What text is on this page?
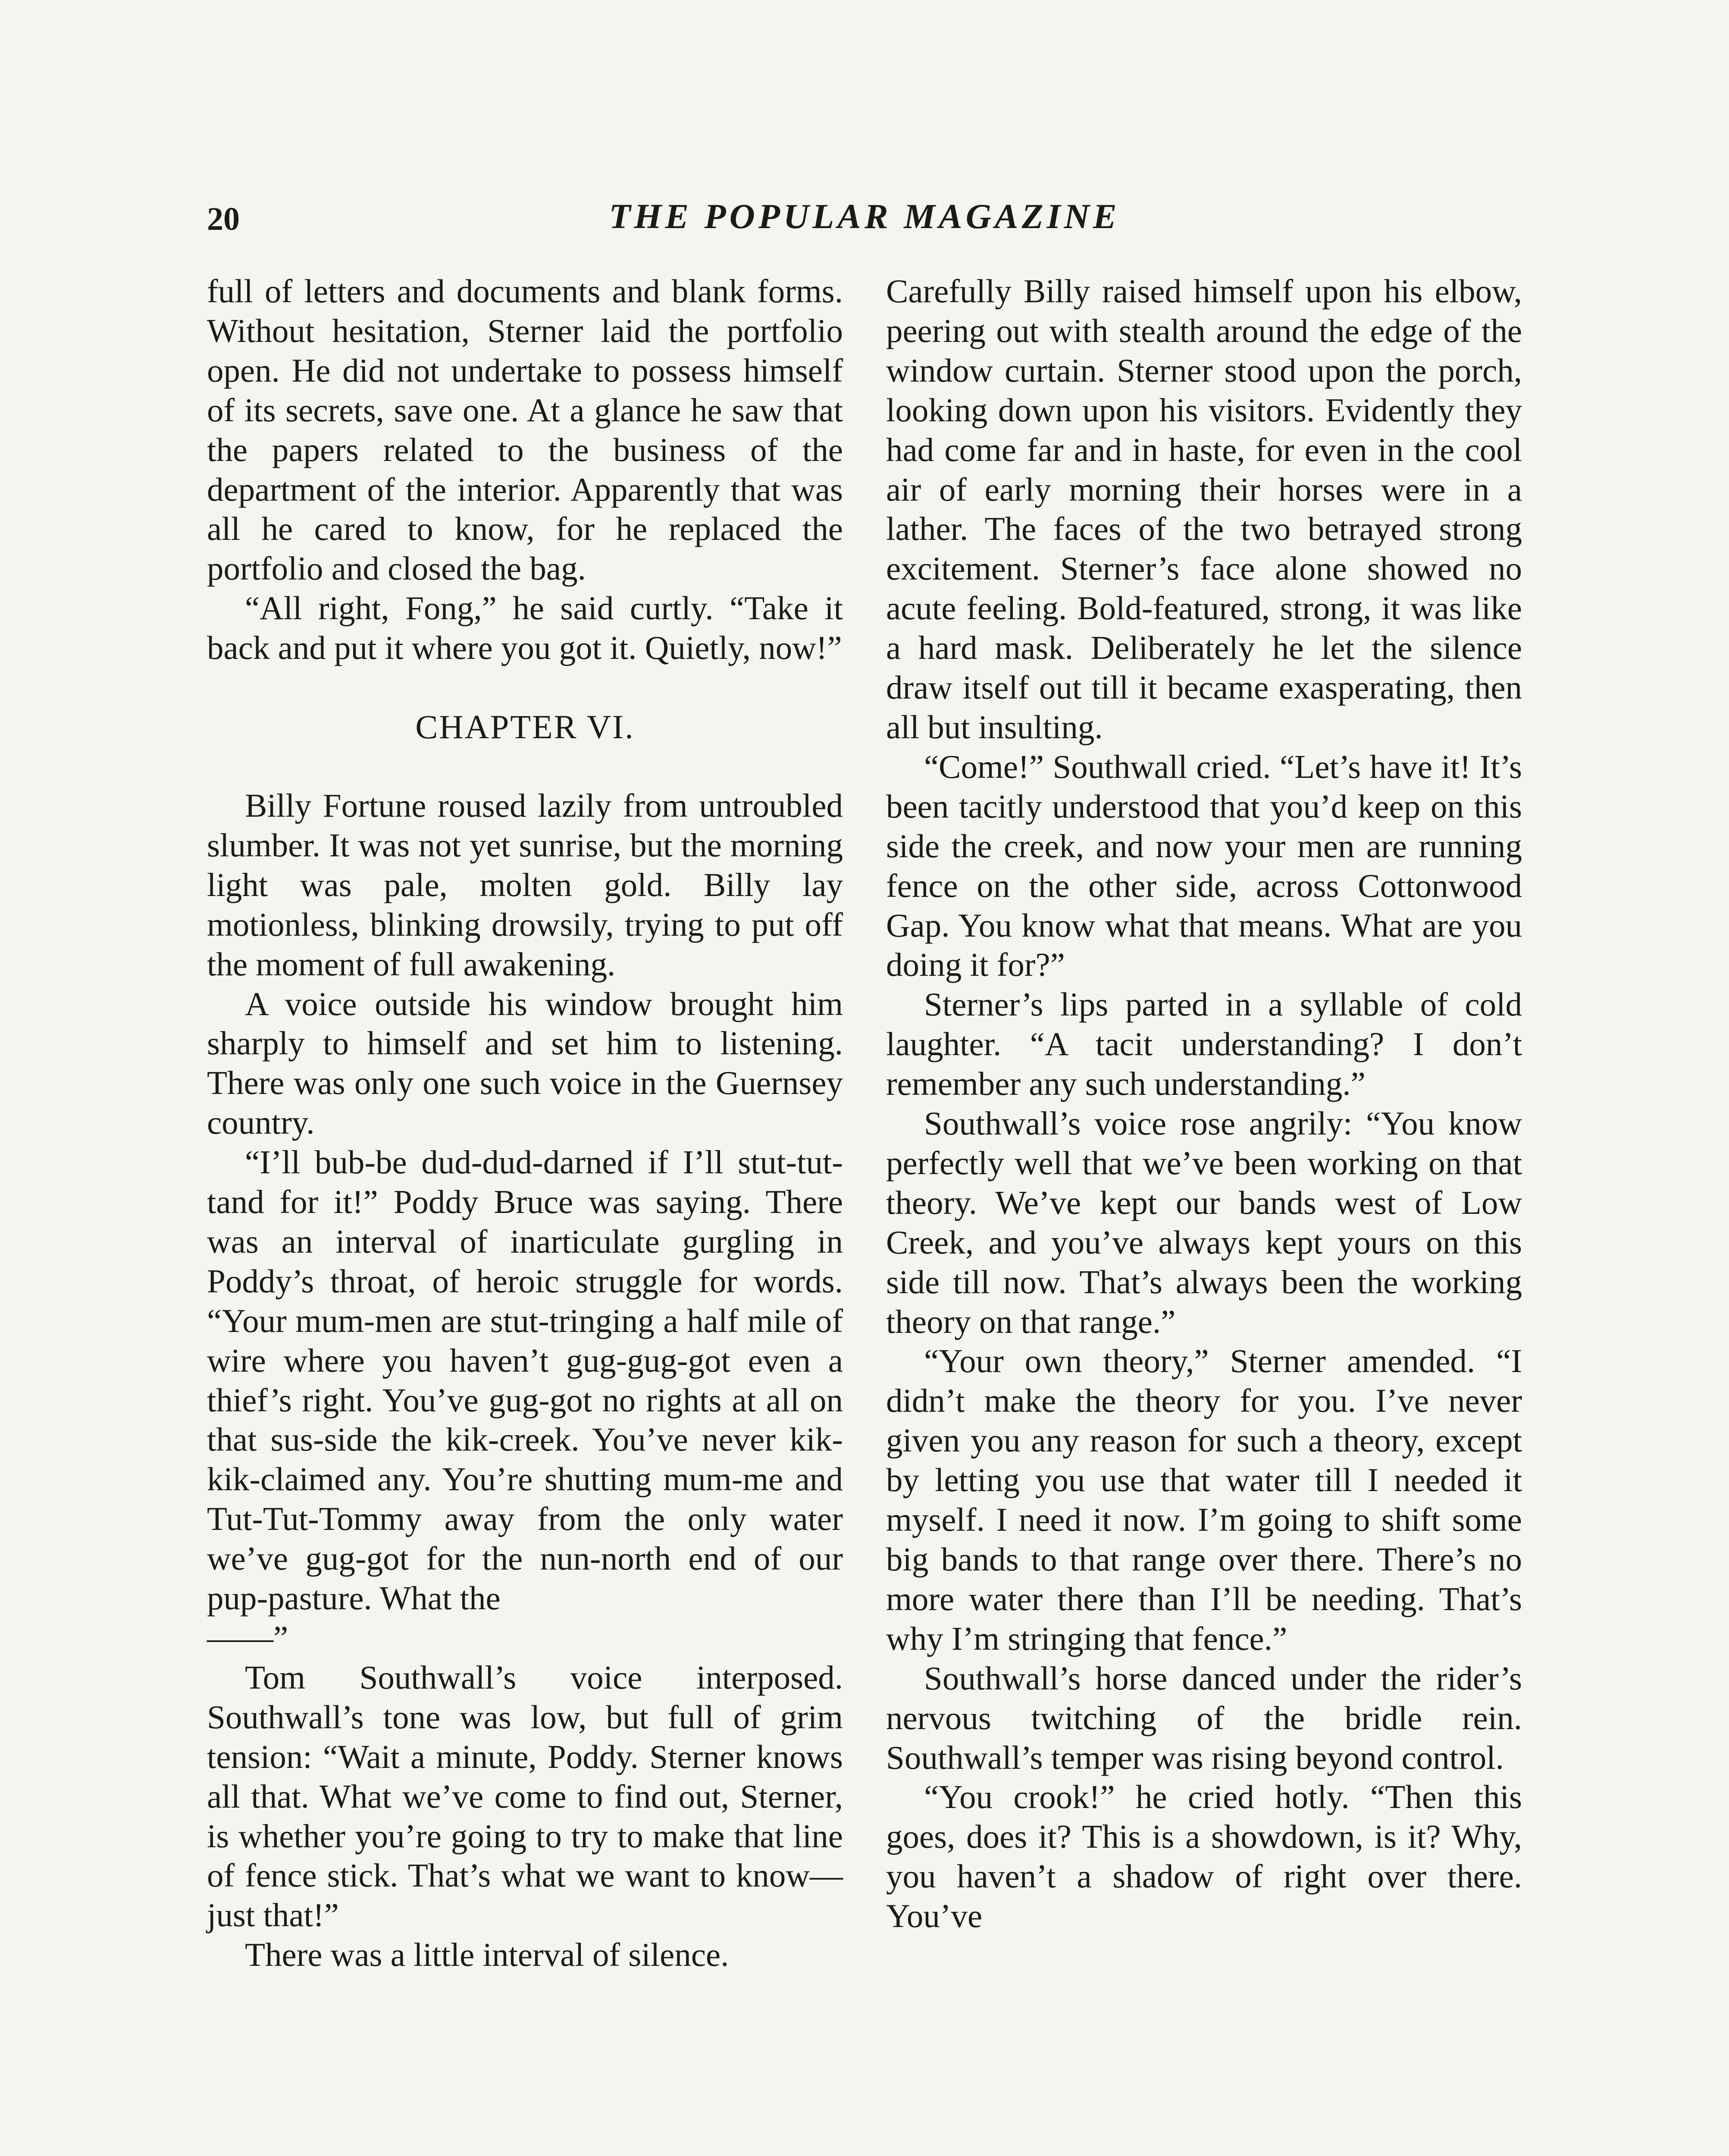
20	THE POPULAR MAGAZINE

full of letters and documents and blank forms. Without hesitation, Sterner laid the portfolio open. He did not undertake to possess himself of its secrets, save one. At a glance he saw that the papers related to the business of the department of the interior. Apparently that was all he cared to know, for he replaced the portfolio and closed the bag.

“All right, Fong,” he said curtly. “Take it back and put it where you got it. Quietly, now!”

CHAPTER VI.

Billy Fortune roused lazily from untroubled slumber. It was not yet sunrise, but the morning light was pale, molten gold. Billy lay motionless, blinking drowsily, trying to put off the moment of full awakening.

A voice outside his window brought him sharply to himself and set him to listening. There was only one such voice in the Guernsey country.

“I’ll bub-be dud-dud-darned if I’ll stut-tut-tand for it!” Poddy Bruce was saying. There was an interval of inarticulate gurgling in Poddy’s throat, of heroic struggle for words. “Your mum-men are stut-tringing a half mile of wire where you haven’t gug-gug-got even a thief’s right. You’ve gug-got no rights at all on that sus-side the kik-creek. You’ve never kik-kik-claimed any. You’re shutting mum-me and Tut-Tut-Tommy away from the only water we’ve gug-got for the nun-north end of our pup-pasture. What the

——”

Tom Southwall’s voice interposed. Southwall’s tone was low, but full of grim tension: “Wait a minute, Poddy. Sterner knows all that. What we’ve come to find out, Sterner, is whether you’re going to try to make that line of fence stick. That’s what we want to know—just that!”

There was a little interval of silence.

Carefully Billy raised himself upon his elbow, peering out with stealth around the edge of the window curtain. Sterner stood upon the porch, looking down upon his visitors. Evidently they had come far and in haste, for even in the cool air of early morning their horses were in a lather. The faces of the two betrayed strong excitement. Sterner’s face alone showed no acute feeling. Bold-featured, strong, it was like a hard mask. Deliberately he let the silence draw itself out till it became exasperating, then all but insulting.

“Come!” Southwall cried. “Let’s have it! It’s been tacitly understood that you’d keep on this side the creek, and now your men are running fence on the other side, across Cottonwood Gap. You know what that means. What are you doing it for?”

Sterner’s lips parted in a syllable of cold laughter. “A tacit understanding? I don’t remember any such understanding.”

Southwall’s voice rose angrily: “You know perfectly well that we’ve been working on that theory. We’ve kept our bands west of Low Creek, and you’ve always kept yours on this side till now. That’s always been the working theory on that range.”

“Your own theory,” Sterner amended. “I didn’t make the theory for you. I’ve never given you any reason for such a theory, except by letting you use that water till I needed it myself. I need it now. I’m going to shift some big bands to that range over there. There’s no more water there than I’ll be needing. That’s why I’m stringing that fence.”

Southwall’s horse danced under the rider’s nervous twitching of the bridle rein. Southwall’s temper was rising beyond control.

“You crook!” he cried hotly. “Then this goes, does it? This is a showdown, is it? Why, you haven’t a shadow of right over there. You’ve
